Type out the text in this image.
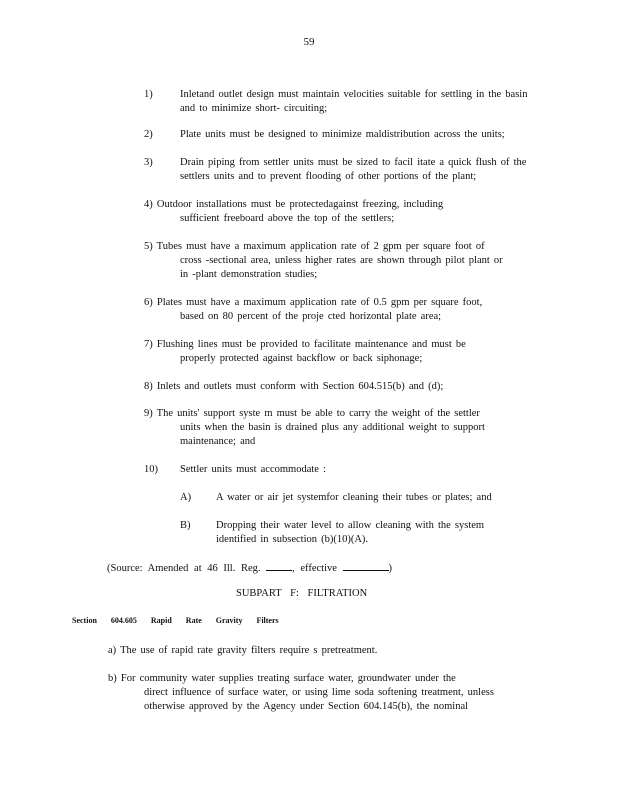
59
1)	Inletand outlet design must maintain velocities suitable for settling in the basin and to minimize short- circuiting;
2)	Plate units must be designed to minimize maldistribution across the units;
3)	Drain piping from settler units must be sized to facil itate a quick flush of the settlers units and to prevent flooding of other portions of the plant;
4) Outdoor installations must be protectedagainst freezing, including
sufficient freeboard above the top of the settlers;
5) Tubes must have a maximum application rate of 2 gpm per square foot of
cross -sectional area, unless higher rates are shown through pilot plant or
in -plant demonstration studies;
6) Plates must have a maximum application rate of 0.5 gpm per square foot,
based on 80 percent of the proje cted horizontal plate area;
7) Flushing lines must be provided to facilitate maintenance and must be
properly protected against backflow or back siphonage;
8) Inlets and outlets must conform with Section 604.515(b) and (d);
9) The units' support syste m must be able to carry the weight of the settler
units when the basin is drained plus any additional weight to support
maintenance; and
10)	Settler units must accommodate :
A)	A water or air jet systemfor cleaning their tubes or plates; and
B)	Dropping their water level to allow cleaning with the system identified in subsection (b)(10)(A).
(Source: Amended at 46 Ill. Reg.	, effective	)
SUBPART F: FILTRATION
Section 604.605 Rapid Rate Gravity Filters
a) The use of rapid rate gravity filters require s pretreatment.
b) For community water supplies treating surface water, groundwater under the
direct influence of surface water, or using lime soda softening treatment, unless
otherwise approved by the Agency under Section 604.145(b), the nominal
